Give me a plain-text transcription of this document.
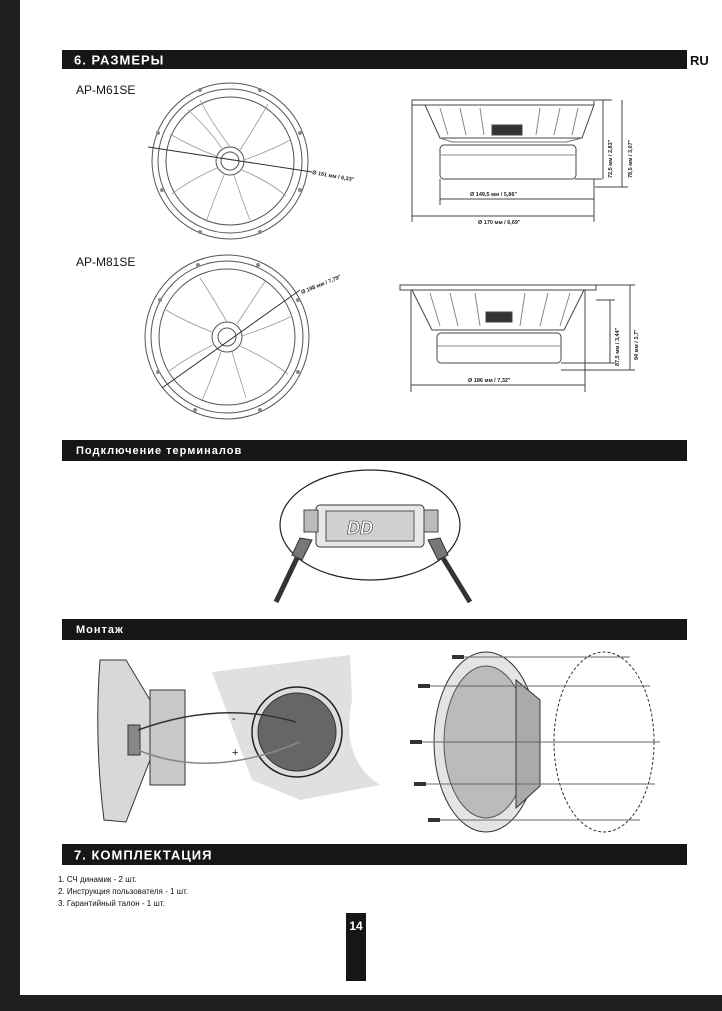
6. РАЗМЕРЫ	RU
AP-M61SE
Ø 161 мм / 6,33"
Ø 149,5 мм / 5,86"
Ø 170 мм / 6,69"
72,5 мм / 2,83"	78,5 мм / 3,07"
AP-M81SE
Ø 198 мм / 7,79"
Ø 186 мм / 7,32"
87,5 мм / 3,44" 94 мм / 3,7"
Подключение терминалов
DD
Монтаж
-
+
7. КОМПЛЕКТАЦИЯ
1. СЧ динамик - 2 шт.
2. Инструкция пользователя - 1 шт.
3. Гарантийный талон - 1 шт.
14
